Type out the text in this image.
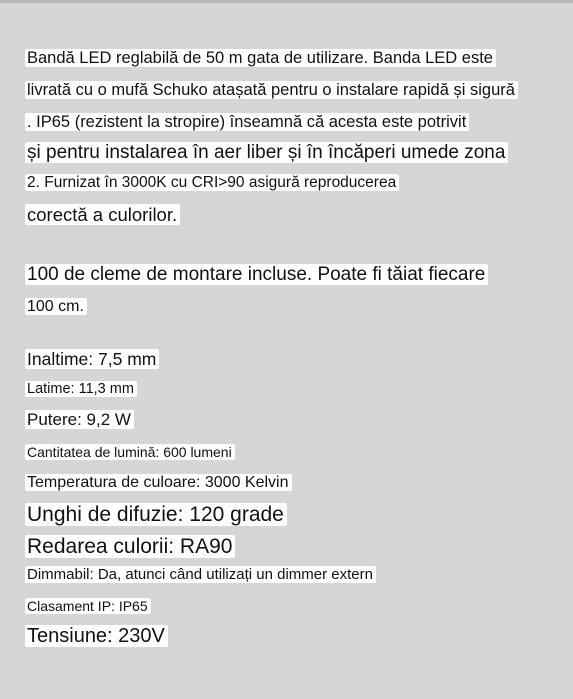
Bandă LED reglabilă de 50 m gata de utilizare. Banda LED este
livrată cu o mufă Schuko atașată pentru o instalare rapidă și sigură
. IP65 (rezistent la stropire) înseamnă că acesta este potrivit
și pentru instalarea în aer liber și în încăperi umede zona
2. Furnizat în 3000K cu CRI>90 asigură reproducerea
corectă a culorilor.
100 de cleme de montare incluse. Poate fi tăiat fiecare
100 cm.
Inaltime: 7,5 mm
Latime: 11,3 mm
Putere: 9,2 W
Cantitatea de lumină: 600 lumeni
Temperatura de culoare: 3000 Kelvin
Unghi de difuzie: 120 grade
Redarea culorii: RA90
Dimmabil: Da, atunci când utilizați un dimmer extern
Clasament IP: IP65
Tensiune: 230V
